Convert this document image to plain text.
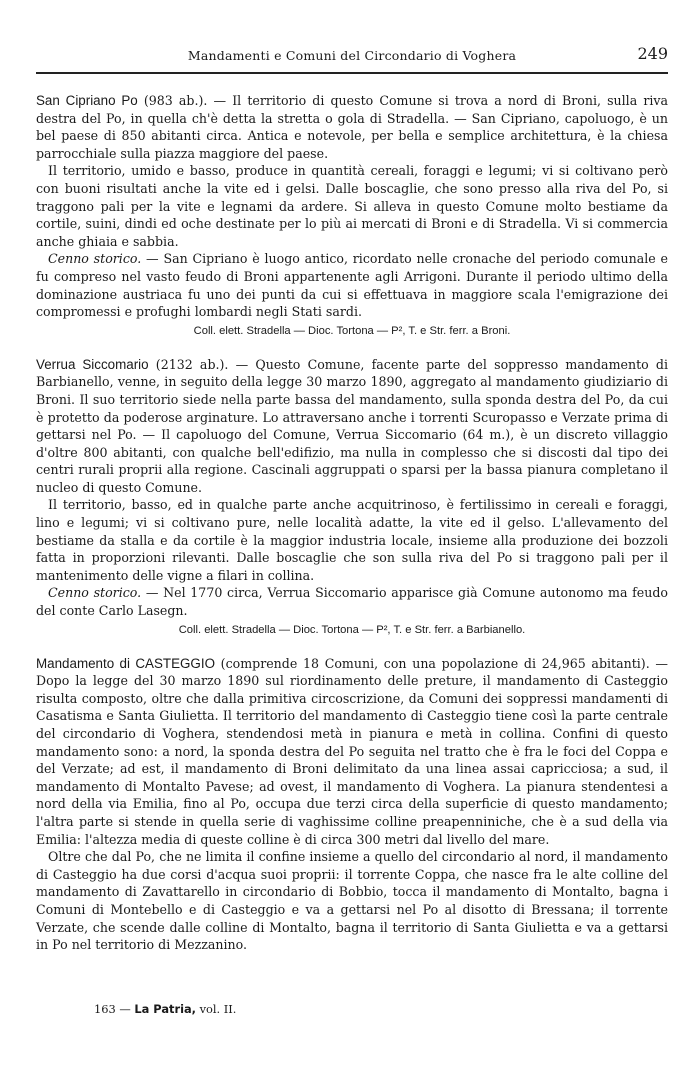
Mandamenti e Comuni del Circondario di Voghera	249

San Cipriano Po (983 ab.). — Il territorio di questo Comune si trova a nord di Broni, sulla riva destra del Po, in quella ch'è detta la stretta o gola di Stradella. — San Cipriano, capoluogo, è un bel paese di 850 abitanti circa. Antica e notevole, per bella e semplice architettura, è la chiesa parrocchiale sulla piazza maggiore del paese.

Il territorio, umido e basso, produce in quantità cereali, foraggi e legumi; vi si coltivano però con buoni risultati anche la vite ed i gelsi. Dalle boscaglie, che sono presso alla riva del Po, si traggono pali per la vite e legnami da ardere. Si alleva in questo Comune molto bestiame da cortile, suini, dindi ed oche destinate per lo più ai mercati di Broni e di Stradella. Vi si commercia anche ghiaia e sabbia.

Cenno storico. — San Cipriano è luogo antico, ricordato nelle cronache del periodo comunale e fu compreso nel vasto feudo di Broni appartenente agli Arrigoni. Durante il periodo ultimo della dominazione austriaca fu uno dei punti da cui si effettuava in maggiore scala l'emigrazione dei compromessi e profughi lombardi negli Stati sardi.

Coll. elett. Stradella — Dioc. Tortona — P², T. e Str. ferr. a Broni.

Verrua Siccomario (2132 ab.). — Questo Comune, facente parte del soppresso mandamento di Barbianello, venne, in seguito della legge 30 marzo 1890, aggregato al mandamento giudiziario di Broni. Il suo territorio siede nella parte bassa del mandamento, sulla sponda destra del Po, da cui è protetto da poderose arginature. Lo attraversano anche i torrenti Scuropasso e Verzate prima di gettarsi nel Po. — Il capoluogo del Comune, Verrua Siccomario (64 m.), è un discreto villaggio d'oltre 800 abitanti, con qualche bell'edifizio, ma nulla in complesso che si discosti dal tipo dei centri rurali proprii alla regione. Cascinali aggruppati o sparsi per la bassa pianura completano il nucleo di questo Comune.

Il territorio, basso, ed in qualche parte anche acquitrinoso, è fertilissimo in cereali e foraggi, lino e legumi; vi si coltivano pure, nelle località adatte, la vite ed il gelso. L'allevamento del bestiame da stalla e da cortile è la maggior industria locale, insieme alla produzione dei bozzoli fatta in proporzioni rilevanti. Dalle boscaglie che son sulla riva del Po si traggono pali per il mantenimento delle vigne a filari in collina.

Cenno storico. — Nel 1770 circa, Verrua Siccomario apparisce già Comune autonomo ma feudo del conte Carlo Lasegn.

Coll. elett. Stradella — Dioc. Tortona — P², T. e Str. ferr. a Barbianello.

Mandamento di CASTEGGIO (comprende 18 Comuni, con una popolazione di 24,965 abitanti). — Dopo la legge del 30 marzo 1890 sul riordinamento delle preture, il mandamento di Casteggio risulta composto, oltre che dalla primitiva circoscrizione, da Comuni dei soppressi mandamenti di Casatisma e Santa Giulietta. Il territorio del mandamento di Casteggio tiene così la parte centrale del circondario di Voghera, stendendosi metà in pianura e metà in collina. Confini di questo mandamento sono: a nord, la sponda destra del Po seguita nel tratto che è fra le foci del Coppa e del Verzate; ad est, il mandamento di Broni delimitato da una linea assai capricciosa; a sud, il mandamento di Montalto Pavese; ad ovest, il mandamento di Voghera. La pianura stendentesi a nord della via Emilia, fino al Po, occupa due terzi circa della superficie di questo mandamento; l'altra parte si stende in quella serie di vaghissime colline preapenniniche, che è a sud della via Emilia: l'altezza media di queste colline è di circa 300 metri dal livello del mare.

Oltre che dal Po, che ne limita il confine insieme a quello del circondario al nord, il mandamento di Casteggio ha due corsi d'acqua suoi proprii: il torrente Coppa, che nasce fra le alte colline del mandamento di Zavattarello in circondario di Bobbio, tocca il mandamento di Montalto, bagna i Comuni di Montebello e di Casteggio e va a gettarsi nel Po al disotto di Bressana; il torrente Verzate, che scende dalle colline di Montalto, bagna il territorio di Santa Giulietta e va a gettarsi in Po nel territorio di Mezzanino.

163 — La Patria, vol. II.
